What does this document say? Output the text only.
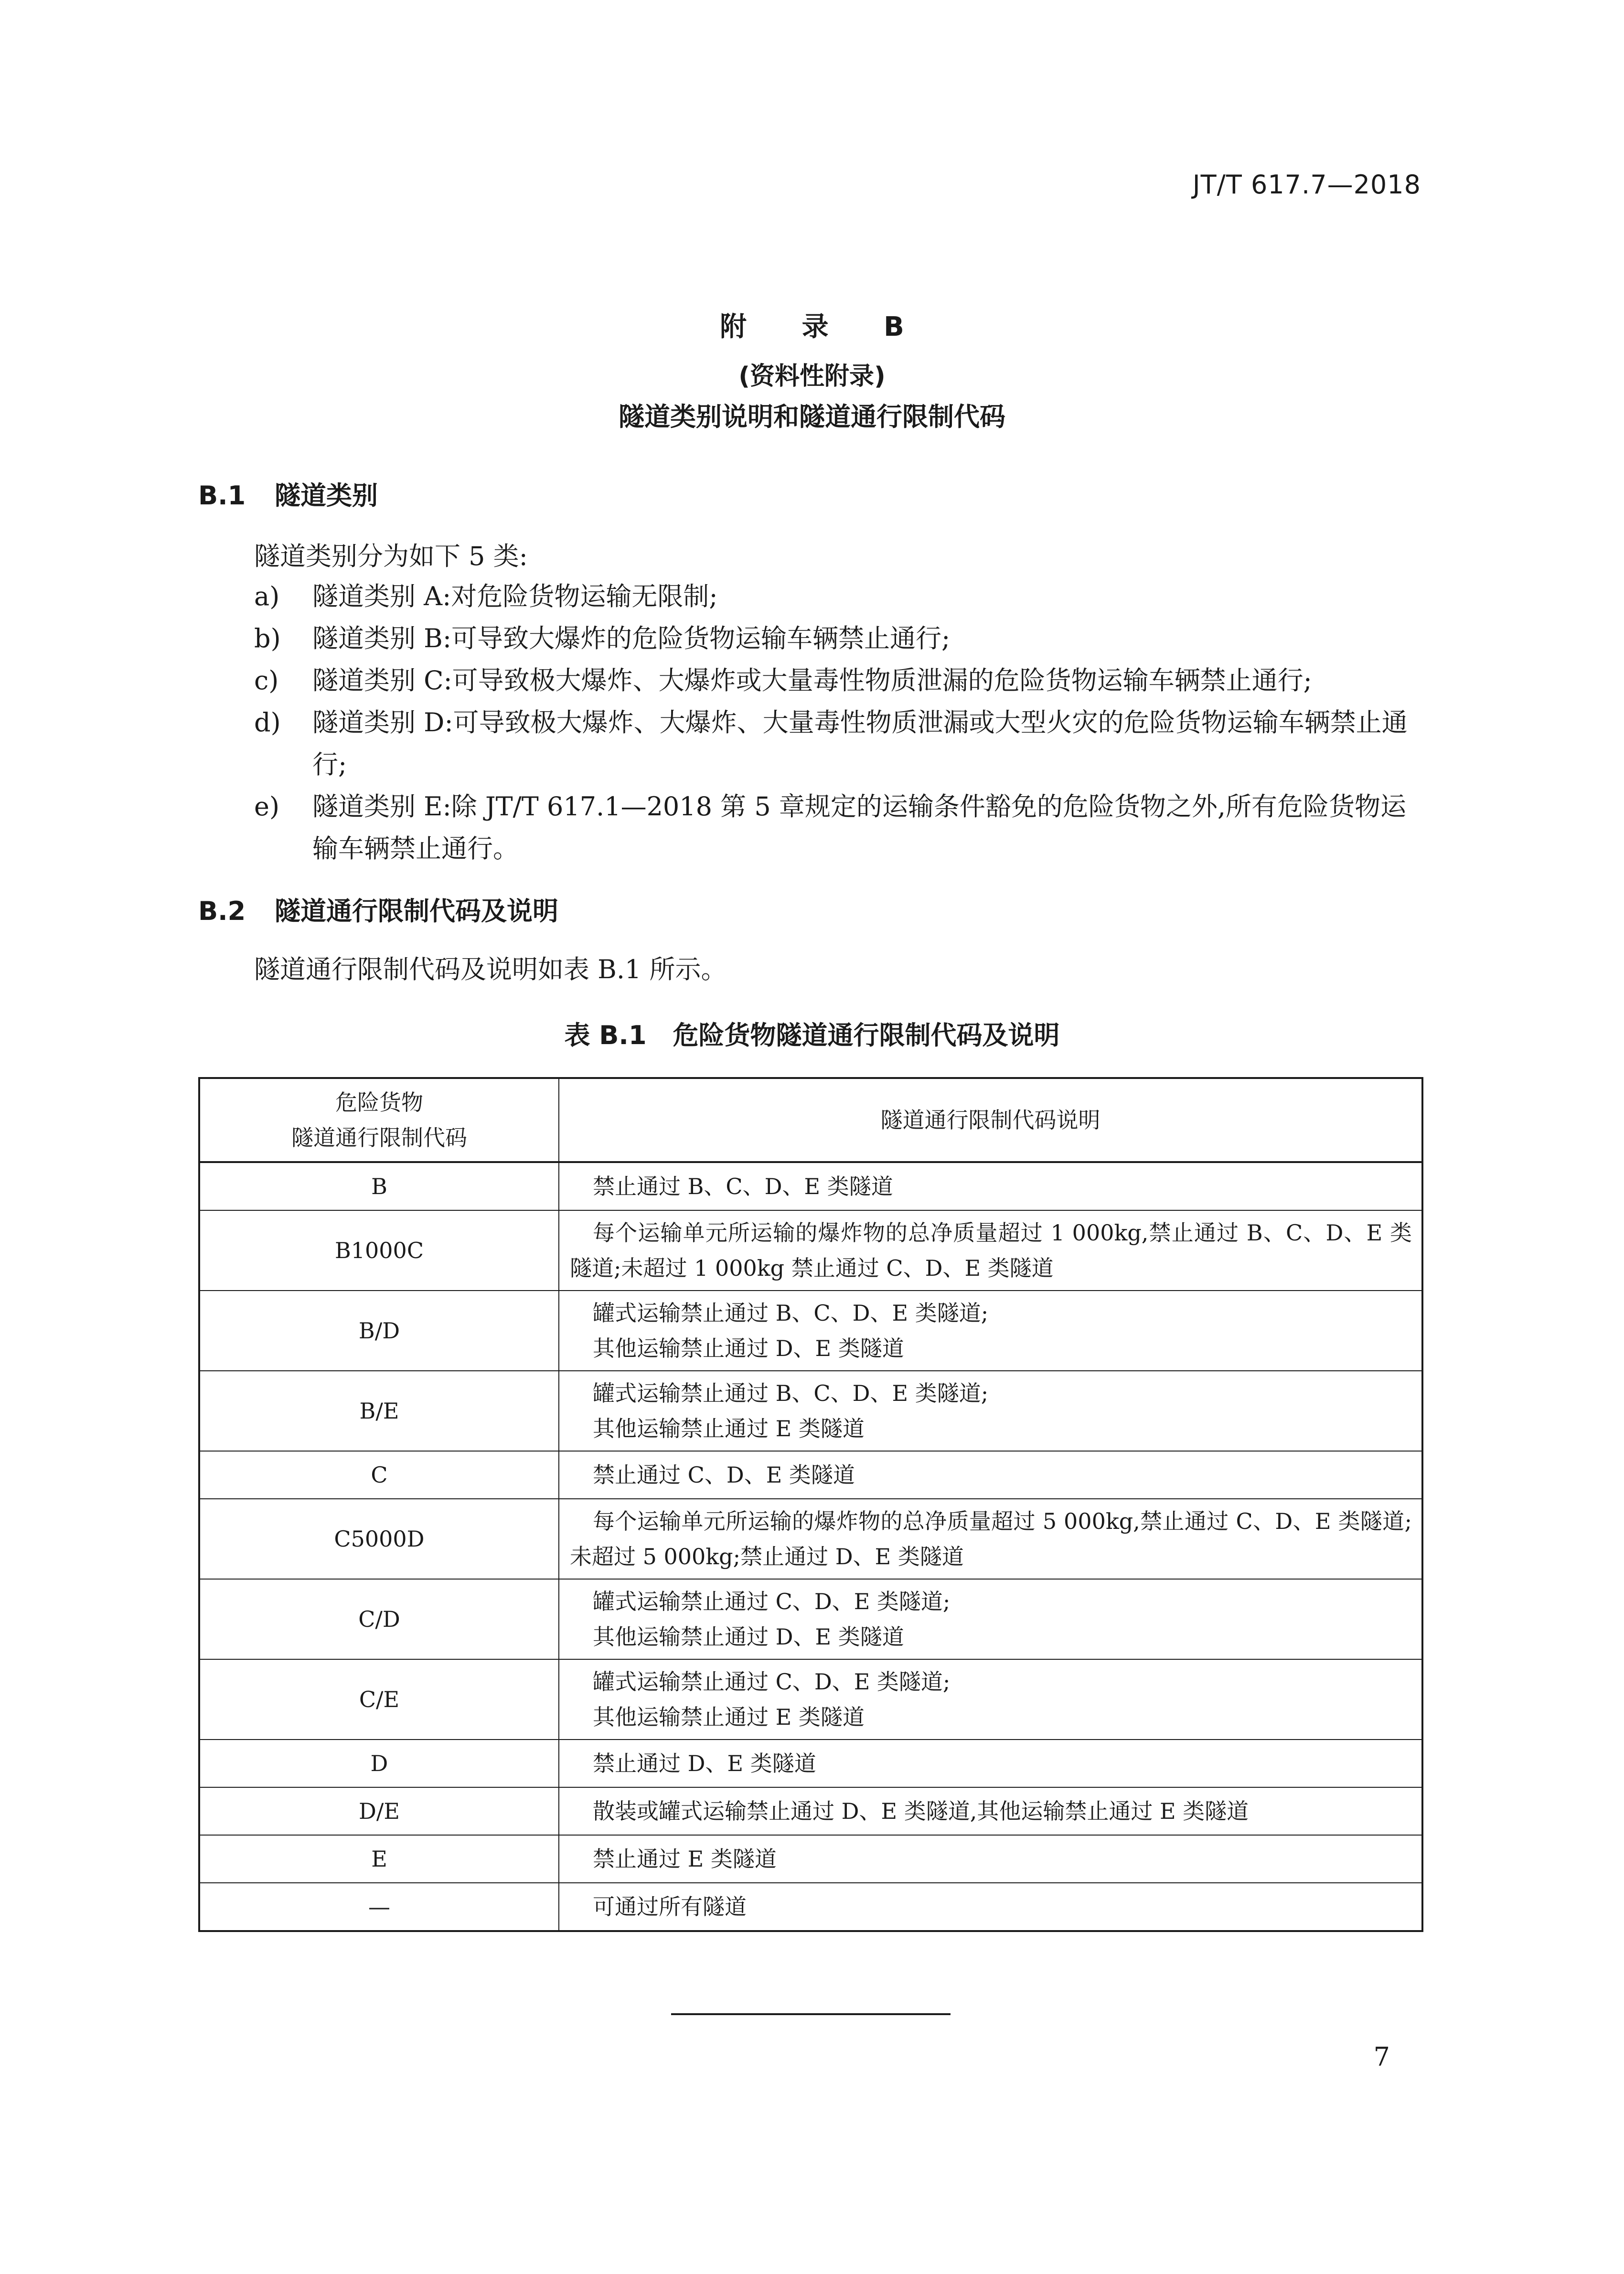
JT/T 617.7—2018
附 录 B
(资料性附录)
隧道类别说明和隧道通行限制代码
B.1 隧道类别
隧道类别分为如下 5 类:
a)	隧道类别 A:对危险货物运输无限制;
b)	隧道类别 B:可导致大爆炸的危险货物运输车辆禁止通行;
c)	隧道类别 C:可导致极大爆炸、大爆炸或大量毒性物质泄漏的危险货物运输车辆禁止通行;
d)	隧道类别 D:可导致极大爆炸、大爆炸、大量毒性物质泄漏或大型火灾的危险货物运输车辆禁止通行;
e)	隧道类别 E:除 JT/T 617.1—2018 第 5 章规定的运输条件豁免的危险货物之外,所有危险货物运输车辆禁止通行。
B.2 隧道通行限制代码及说明
隧道通行限制代码及说明如表 B.1 所示。
表 B.1 危险货物隧道通行限制代码及说明
危险货物
隧道通行限制代码	隧道通行限制代码说明
B	禁止通过 B、C、D、E 类隧道

B1000C	每个运输单元所运输的爆炸物的总净质量超过 1 000kg,禁止通过 B、C、D、E 类隧道;未超过 1 000kg 禁止通过 C、D、E 类隧道

B/D	罐式运输禁止通过 B、C、D、E 类隧道;
其他运输禁止通过 D、E 类隧道

B/E	罐式运输禁止通过 B、C、D、E 类隧道;
其他运输禁止通过 E 类隧道

C	禁止通过 C、D、E 类隧道

C5000D	每个运输单元所运输的爆炸物的总净质量超过 5 000kg,禁止通过 C、D、E 类隧道;未超过 5 000kg;禁止通过 D、E 类隧道

C/D	罐式运输禁止通过 C、D、E 类隧道;
其他运输禁止通过 D、E 类隧道

C/E	罐式运输禁止通过 C、D、E 类隧道;
其他运输禁止通过 E 类隧道

D	禁止通过 D、E 类隧道

D/E	散装或罐式运输禁止通过 D、E 类隧道,其他运输禁止通过 E 类隧道

E	禁止通过 E 类隧道

—	可通过所有隧道
7
